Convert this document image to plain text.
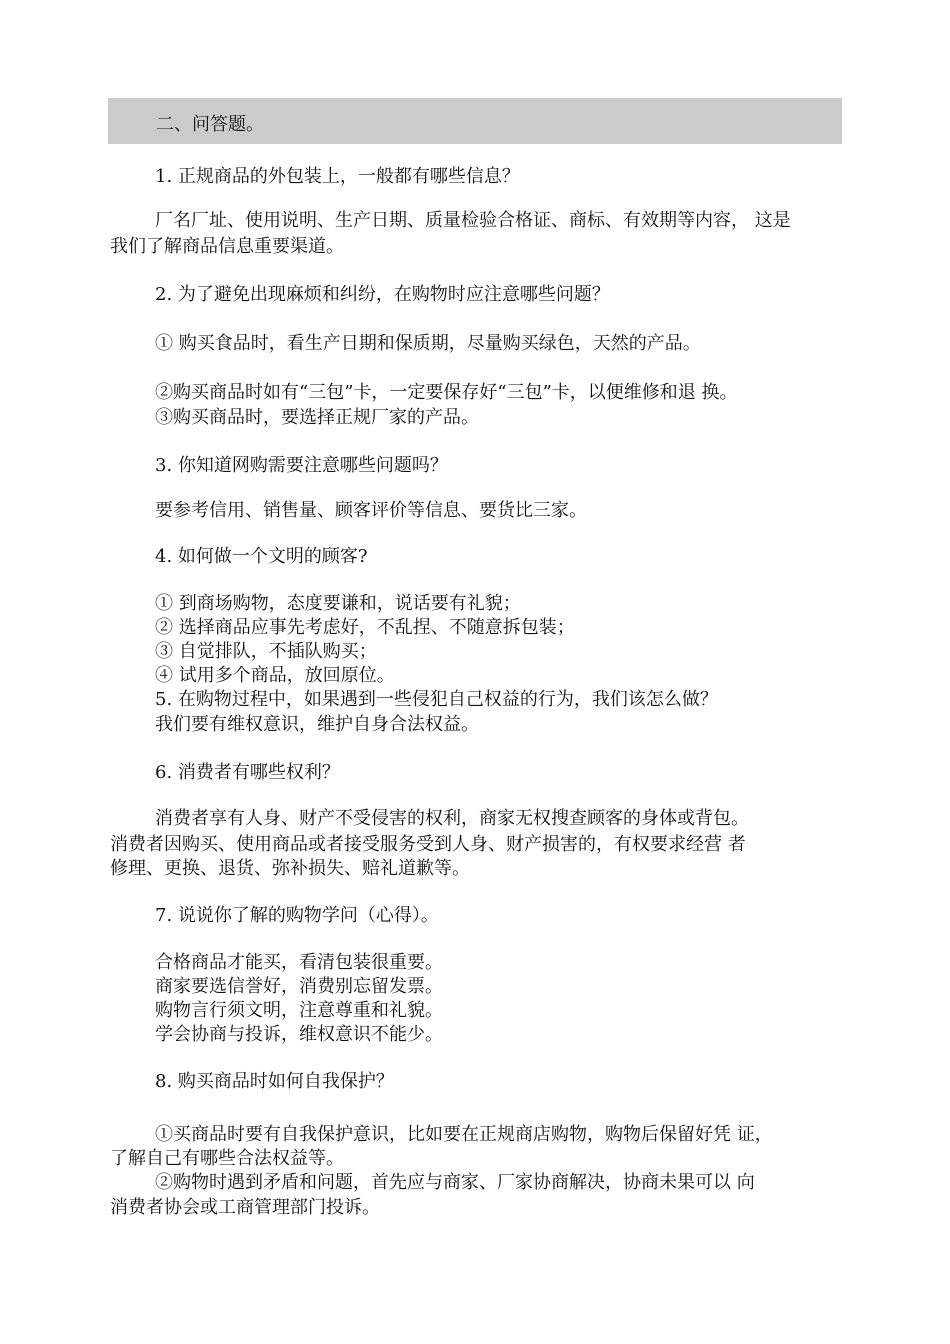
二、问答题。
1. 正规商品的外包装上，一般都有哪些信息？
厂名厂址、使用说明、生产日期、质量检验合格证、商标、有效期等内容， 这是
我们了解商品信息重要渠道。
2. 为了避免出现麻烦和纠纷，在购物时应注意哪些问题？
① 购买食品时，看生产日期和保质期，尽量购买绿色，天然的产品。
②购买商品时如有“三包”卡，一定要保存好“三包”卡，以便维修和退 换。
③购买商品时，要选择正规厂家的产品。
3. 你知道网购需要注意哪些问题吗？
要参考信用、销售量、顾客评价等信息、要货比三家。
4. 如何做一个文明的顾客?
① 到商场购物，态度要谦和，说话要有礼貌；
② 选择商品应事先考虑好，不乱捏、不随意拆包装；
③ 自觉排队，不插队购买；
④ 试用多个商品，放回原位。
5. 在购物过程中，如果遇到一些侵犯自己权益的行为，我们该怎么做？
我们要有维权意识，维护自身合法权益。
6. 消费者有哪些权利？
消费者享有人身、财产不受侵害的权利，商家无权搜查顾客的身体或背包。
消费者因购买、使用商品或者接受服务受到人身、财产损害的，有权要求经营 者
修理、更换、退货、弥补损失、赔礼道歉等。
7. 说说你了解的购物学问（心得）。
合格商品才能买，看清包装很重要。
商家要选信誉好，消费别忘留发票。
购物言行须文明，注意尊重和礼貌。
学会协商与投诉，维权意识不能少。
8. 购买商品时如何自我保护？
①买商品时要有自我保护意识，比如要在正规商店购物，购物后保留好凭 证，
了解自己有哪些合法权益等。
②购物时遇到矛盾和问题，首先应与商家、厂家协商解决，协商未果可以 向
消费者协会或工商管理部门投诉。
